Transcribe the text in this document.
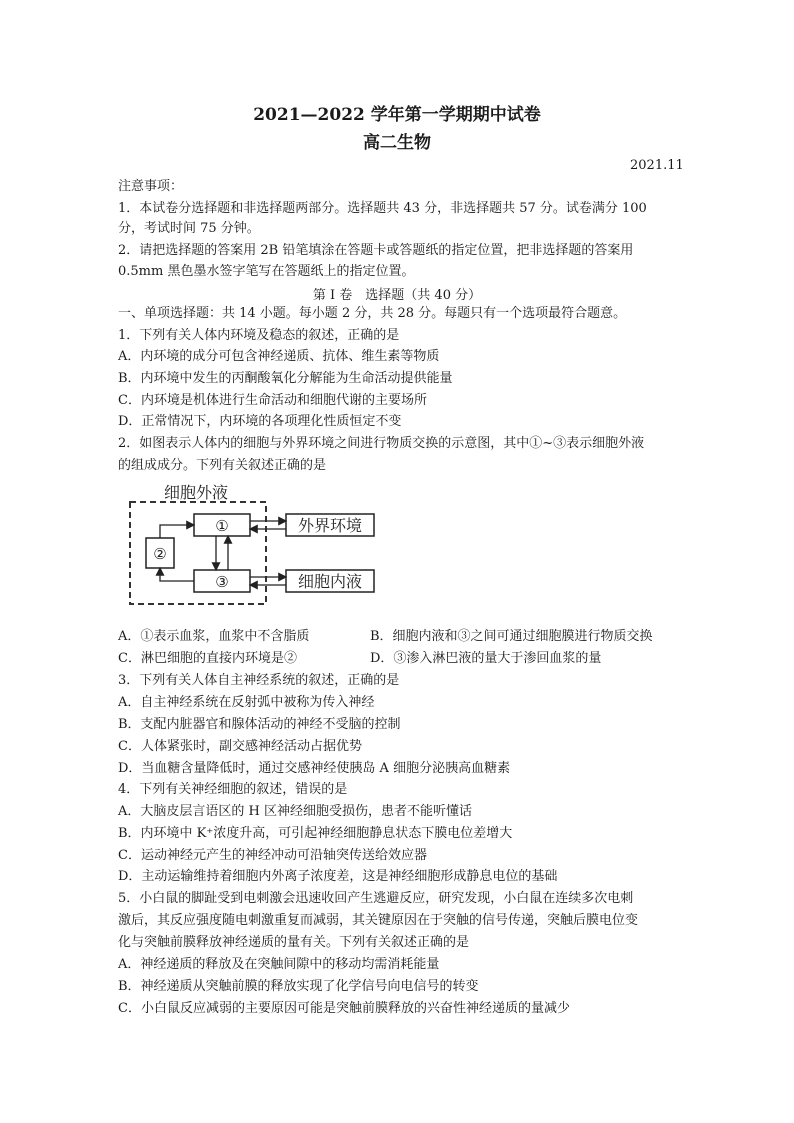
2021—2022 学年第一学期期中试卷
高二生物
2021.11
注意事项：
1．本试卷分选择题和非选择题两部分。选择题共 43 分，非选择题共 57 分。试卷满分 100
分，考试时间 75 分钟。
2．请把选择题的答案用 2B 铅笔填涂在答题卡或答题纸的指定位置，把非选择题的答案用
0.5mm 黑色墨水签字笔写在答题纸上的指定位置。
第 I 卷　选择题（共 40 分）
一、单项选择题：共 14 小题。每小题 2 分，共 28 分。每题只有一个选项最符合题意。
1．下列有关人体内环境及稳态的叙述，正确的是
A．内环境的成分可包含神经递质、抗体、维生素等物质
B．内环境中发生的丙酮酸氧化分解能为生命活动提供能量
C．内环境是机体进行生命活动和细胞代谢的主要场所
D．正常情况下，内环境的各项理化性质恒定不变
2．如图表示人体内的细胞与外界环境之间进行物质交换的示意图，其中①~③表示细胞外液
的组成成分。下列有关叙述正确的是
细胞外液
①
②
③
外界环境
细胞内液
A．①表示血浆，血浆中不含脂质	B．细胞内液和③之间可通过细胞膜进行物质交换
C．淋巴细胞的直接内环境是②	D．③渗入淋巴液的量大于渗回血浆的量
3．下列有关人体自主神经系统的叙述，正确的是
A．自主神经系统在反射弧中被称为传入神经
B．支配内脏器官和腺体活动的神经不受脑的控制
C．人体紧张时，副交感神经活动占据优势
D．当血糖含量降低时，通过交感神经使胰岛 A 细胞分泌胰高血糖素
4．下列有关神经细胞的叙述，错误的是
A．大脑皮层言语区的 H 区神经细胞受损伤，患者不能听懂话
B．内环境中 K⁺浓度升高，可引起神经细胞静息状态下膜电位差增大
C．运动神经元产生的神经冲动可沿轴突传送给效应器
D．主动运输维持着细胞内外离子浓度差，这是神经细胞形成静息电位的基础
5．小白鼠的脚趾受到电刺激会迅速收回产生逃避反应，研究发现，小白鼠在连续多次电刺
激后，其反应强度随电刺激重复而减弱，其关键原因在于突触的信号传递，突触后膜电位变
化与突触前膜释放神经递质的量有关。下列有关叙述正确的是
A．神经递质的释放及在突触间隙中的移动均需消耗能量
B．神经递质从突触前膜的释放实现了化学信号向电信号的转变
C．小白鼠反应减弱的主要原因可能是突触前膜释放的兴奋性神经递质的量减少
